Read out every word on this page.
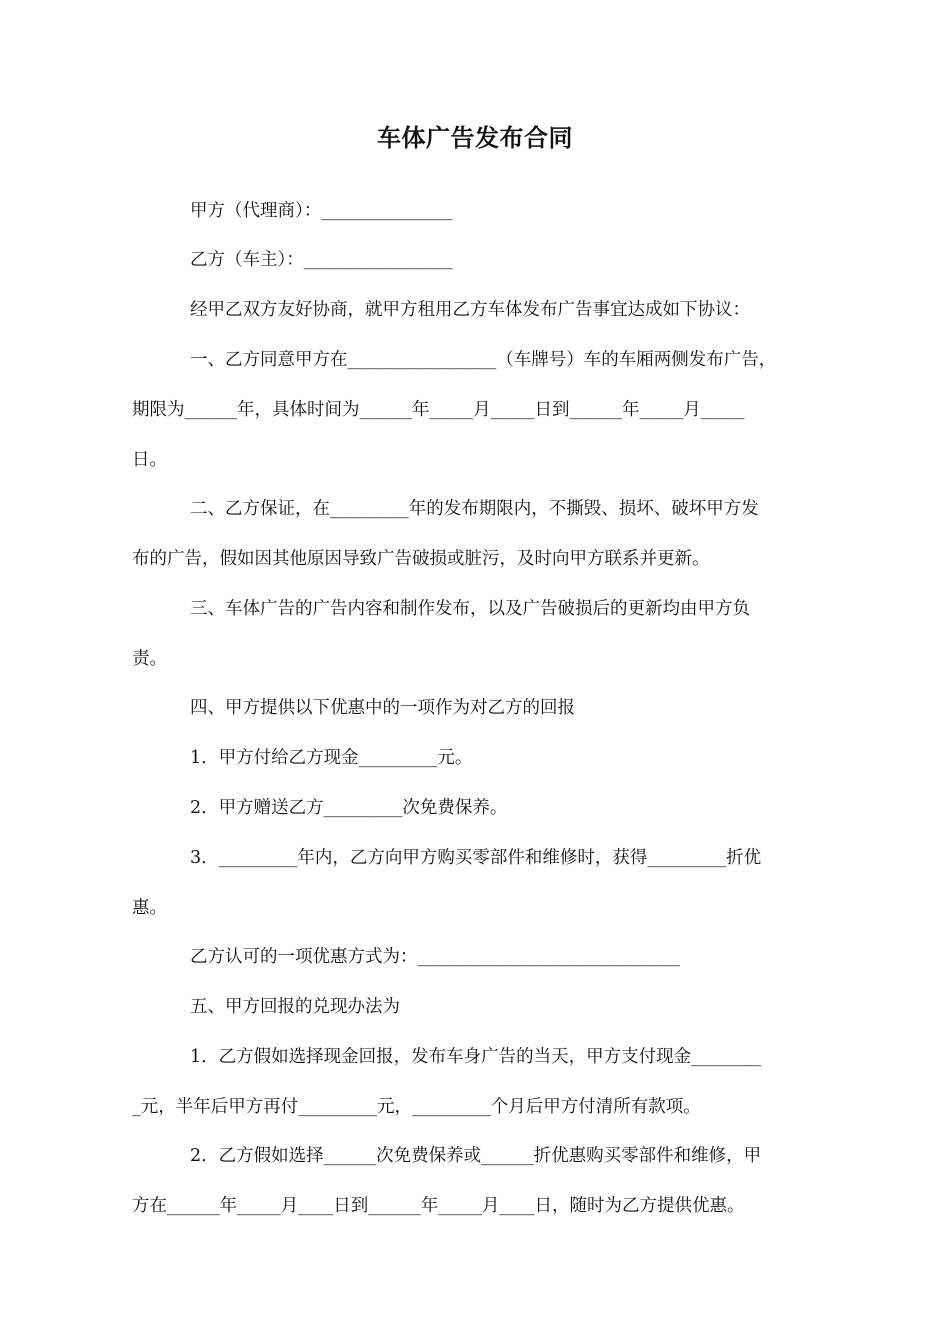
车体广告发布合同

甲方（代理商）：_______________

乙方（车主）：_________________

经甲乙双方友好协商，就甲方租用乙方车体发布广告事宜达成如下协议：

一、乙方同意甲方在_________________（车牌号）车的车厢两侧发布广告，

期限为______年，具体时间为______年_____月_____日到______年_____月_____

日。

二、乙方保证，在_________年的发布期限内，不撕毁、损坏、破坏甲方发

布的广告，假如因其他原因导致广告破损或脏污，及时向甲方联系并更新。

三、车体广告的广告内容和制作发布，以及广告破损后的更新均由甲方负

责。

四、甲方提供以下优惠中的一项作为对乙方的回报

1．甲方付给乙方现金_________元。

2．甲方赠送乙方_________次免费保养。

3．_________年内，乙方向甲方购买零部件和维修时，获得_________折优

惠。

乙方认可的一项优惠方式为：______________________________

五、甲方回报的兑现办法为

1．乙方假如选择现金回报，发布车身广告的当天，甲方支付现金________

_元，半年后甲方再付_________元，_________个月后甲方付清所有款项。

2．乙方假如选择______次免费保养或______折优惠购买零部件和维修，甲

方在______年_____月____日到______年_____月____日，随时为乙方提供优惠。
